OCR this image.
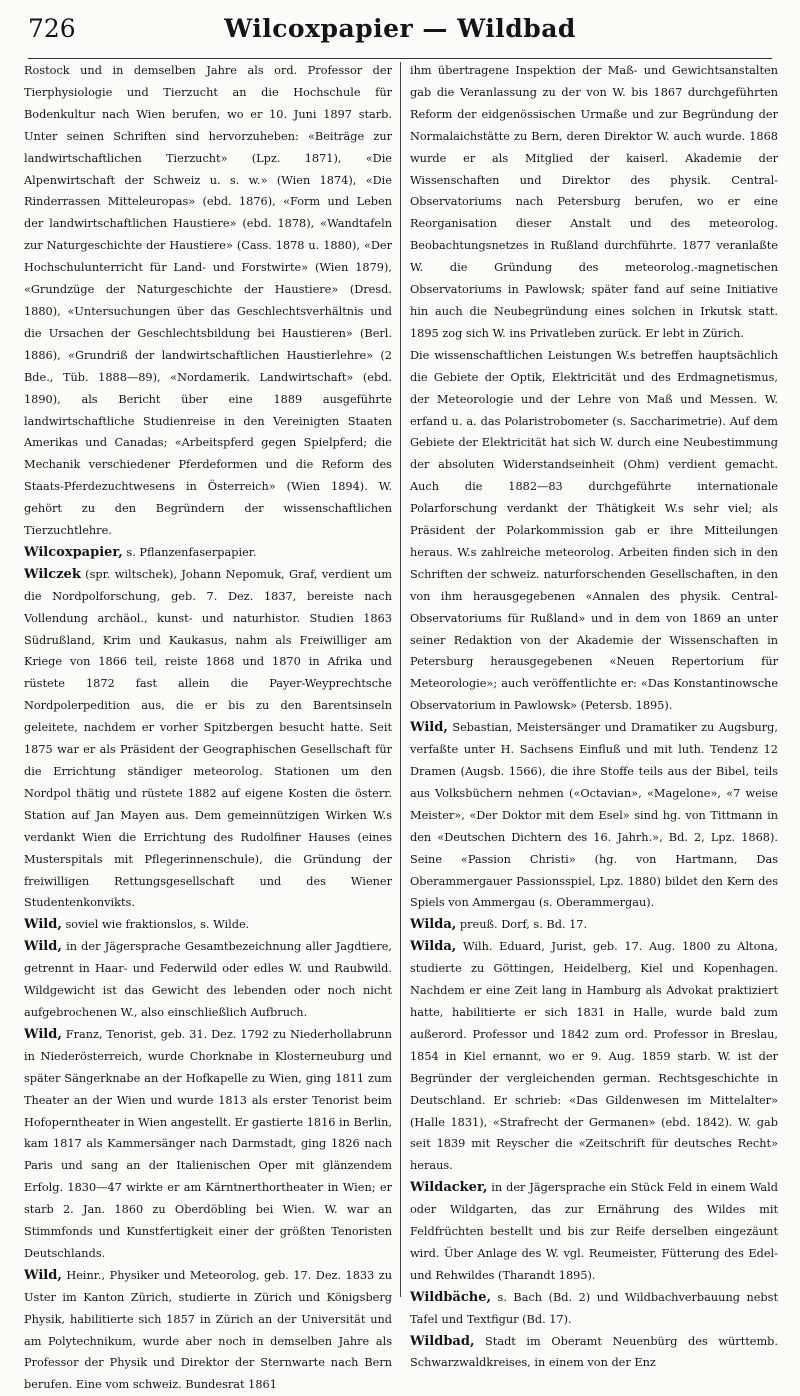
726	Wilcoxpapier — Wildbad

Rostock und in demselben Jahre als ord. Professor der Tierphysiologie und Tierzucht an die Hochschule für Bodenkultur nach Wien berufen, wo er 10. Juni 1897 starb. Unter seinen Schriften sind hervorzuheben: «Beiträge zur landwirtschaftlichen Tierzucht» (Lpz. 1871), «Die Alpenwirtschaft der Schweiz u. s. w.» (Wien 1874), «Die Rinderrassen Mitteleuropas» (ebd. 1876), «Form und Leben der landwirtschaftlichen Haustiere» (ebd. 1878), «Wandtafeln zur Naturgeschichte der Haustiere» (Cass. 1878 u. 1880), «Der Hochschulunterricht für Land- und Forstwirte» (Wien 1879), «Grundzüge der Naturgeschichte der Haustiere» (Dresd. 1880), «Untersuchungen über das Geschlechtsverhältnis und die Ursachen der Geschlechtsbildung bei Haustieren» (Berl. 1886), «Grundriß der landwirtschaftlichen Haustierlehre» (2 Bde., Tüb. 1888—89), «Nordamerik. Landwirtschaft» (ebd. 1890), als Bericht über eine 1889 ausgeführte landwirtschaftliche Studienreise in den Vereinigten Staaten Amerikas und Canadas; «Arbeitspferd gegen Spielpferd; die Mechanik verschiedener Pferdeformen und die Reform des Staats-Pferdezuchtwesens in Österreich» (Wien 1894). W. gehört zu den Begründern der wissenschaftlichen Tierzuchtlehre.

Wilcoxpapier, s. Pflanzenfaserpapier.

Wilczek (spr. wiltschek), Johann Nepomuk, Graf, verdient um die Nordpolforschung, geb. 7. Dez. 1837, bereiste nach Vollendung archäol., kunst- und naturhistor. Studien 1863 Südrußland, Krim und Kaukasus, nahm als Freiwilliger am Kriege von 1866 teil, reiste 1868 und 1870 in Afrika und rüstete 1872 fast allein die Payer-Weyprechtsche Nordpolerpedition aus, die er bis zu den Barentsinseln geleitete, nachdem er vorher Spitzbergen besucht hatte. Seit 1875 war er als Präsident der Geographischen Gesellschaft für die Errichtung ständiger meteorolog. Stationen um den Nordpol thätig und rüstete 1882 auf eigene Kosten die österr. Station auf Jan Mayen aus. Dem gemeinnützigen Wirken W.s verdankt Wien die Errichtung des Rudolfiner Hauses (eines Musterspitals mit Pflegerinnenschule), die Gründung der freiwilligen Rettungsgesellschaft und des Wiener Studentenkonvikts.

Wild, soviel wie fraktionslos, s. Wilde.

Wild, in der Jägersprache Gesamtbezeichnung aller Jagdtiere, getrennt in Haar- und Federwild oder edles W. und Raubwild. Wildgewicht ist das Gewicht des lebenden oder noch nicht aufgebrochenen W., also einschließlich Aufbruch.

Wild, Franz, Tenorist, geb. 31. Dez. 1792 zu Niederhollabrunn in Niederösterreich, wurde Chorknabe in Klosterneuburg und später Sängerknabe an der Hofkapelle zu Wien, ging 1811 zum Theater an der Wien und wurde 1813 als erster Tenorist beim Hofoperntheater in Wien angestellt. Er gastierte 1816 in Berlin, kam 1817 als Kammersänger nach Darmstadt, ging 1826 nach Paris und sang an der Italienischen Oper mit glänzendem Erfolg. 1830—47 wirkte er am Kärntnerthortheater in Wien; er starb 2. Jan. 1860 zu Oberdöbling bei Wien. W. war an Stimmfonds und Kunstfertigkeit einer der größten Tenoristen Deutschlands.

Wild, Heinr., Physiker und Meteorolog, geb. 17. Dez. 1833 zu Uster im Kanton Zürich, studierte in Zürich und Königsberg Physik, habilitierte sich 1857 in Zürich an der Universität und am Polytechnikum, wurde aber noch in demselben Jahre als Professor der Physik und Direktor der Sternwarte nach Bern berufen. Eine vom schweiz. Bundesrat 1861

ihm übertragene Inspektion der Maß- und Gewichtsanstalten gab die Veranlassung zu der von W. bis 1867 durchgeführten Reform der eidgenössischen Urmaße und zur Begründung der Normalaichstätte zu Bern, deren Direktor W. auch wurde. 1868 wurde er als Mitglied der kaiserl. Akademie der Wissenschaften und Direktor des physik. Central-Observatoriums nach Petersburg berufen, wo er eine Reorganisation dieser Anstalt und des meteorolog. Beobachtungsnetzes in Rußland durchführte. 1877 veranlaßte W. die Gründung des meteorolog.-magnetischen Observatoriums in Pawlowsk; später fand auf seine Initiative hin auch die Neubegründung eines solchen in Irkutsk statt. 1895 zog sich W. ins Privatleben zurück. Er lebt in Zürich.

Die wissenschaftlichen Leistungen W.s betreffen hauptsächlich die Gebiete der Optik, Elektricität und des Erdmagnetismus, der Meteorologie und der Lehre von Maß und Messen. W. erfand u. a. das Polaristrobometer (s. Saccharimetrie). Auf dem Gebiete der Elektricität hat sich W. durch eine Neubestimmung der absoluten Widerstandseinheit (Ohm) verdient gemacht. Auch die 1882—83 durchgeführte internationale Polarforschung verdankt der Thätigkeit W.s sehr viel; als Präsident der Polarkommission gab er ihre Mitteilungen heraus. W.s zahlreiche meteorolog. Arbeiten finden sich in den Schriften der schweiz. naturforschenden Gesellschaften, in den von ihm herausgegebenen «Annalen des physik. Central-Observatoriums für Rußland» und in dem von 1869 an unter seiner Redaktion von der Akademie der Wissenschaften in Petersburg herausgegebenen «Neuen Repertorium für Meteorologie»; auch veröffentlichte er: «Das Konstantinowsche Observatorium in Pawlowsk» (Petersb. 1895).

Wild, Sebastian, Meistersänger und Dramatiker zu Augsburg, verfaßte unter H. Sachsens Einfluß und mit luth. Tendenz 12 Dramen (Augsb. 1566), die ihre Stoffe teils aus der Bibel, teils aus Volksbüchern nehmen («Octavian», «Magelone», «7 weise Meister», «Der Doktor mit dem Esel» sind hg. von Tittmann in den «Deutschen Dichtern des 16. Jahrh.», Bd. 2, Lpz. 1868). Seine «Passion Christi» (hg. von Hartmann, Das Oberammergauer Passionsspiel, Lpz. 1880) bildet den Kern des Spiels von Ammergau (s. Oberammergau).

Wilda, preuß. Dorf, s. Bd. 17.

Wilda, Wilh. Eduard, Jurist, geb. 17. Aug. 1800 zu Altona, studierte zu Göttingen, Heidelberg, Kiel und Kopenhagen. Nachdem er eine Zeit lang in Hamburg als Advokat praktiziert hatte, habilitierte er sich 1831 in Halle, wurde bald zum außerord. Professor und 1842 zum ord. Professor in Breslau, 1854 in Kiel ernannt, wo er 9. Aug. 1859 starb. W. ist der Begründer der vergleichenden german. Rechtsgeschichte in Deutschland. Er schrieb: «Das Gildenwesen im Mittelalter» (Halle 1831), «Strafrecht der Germanen» (ebd. 1842). W. gab seit 1839 mit Reyscher die «Zeitschrift für deutsches Recht» heraus.

Wildacker, in der Jägersprache ein Stück Feld in einem Wald oder Wildgarten, das zur Ernährung des Wildes mit Feldfrüchten bestellt und bis zur Reife derselben eingezäunt wird. Über Anlage des W. vgl. Reumeister, Fütterung des Edel- und Rehwildes (Tharandt 1895).

Wildbäche, s. Bach (Bd. 2) und Wildbachverbauung nebst Tafel und Textfigur (Bd. 17).

Wildbad, Stadt im Oberamt Neuenbürg des württemb. Schwarzwaldkreises, in einem von der Enz
